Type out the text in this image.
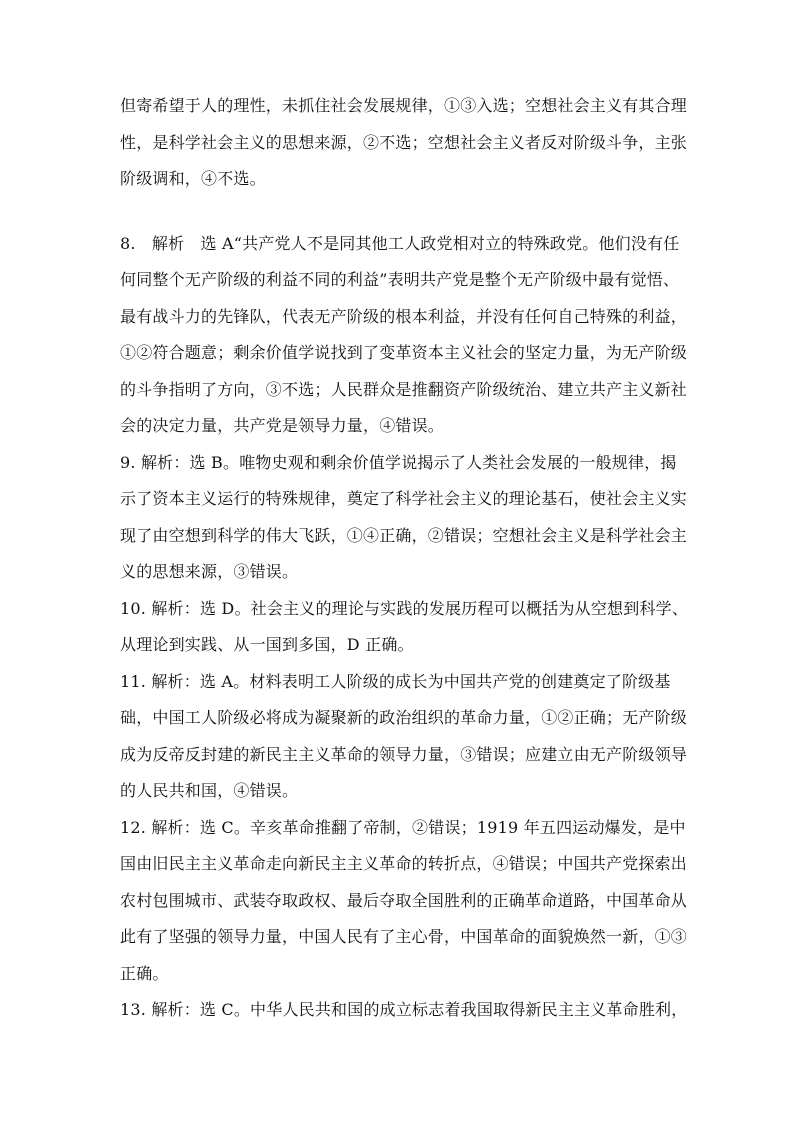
但寄希望于人的理性，未抓住社会发展规律，①③入选；空想社会主义有其合理性，是科学社会主义的思想来源，②不选；空想社会主义者反对阶级斗争，主张阶级调和，④不选。

8.　解析　选 A“共产党人不是同其他工人政党相对立的特殊政党。他们没有任何同整个无产阶级的利益不同的利益”表明共产党是整个无产阶级中最有觉悟、最有战斗力的先锋队，代表无产阶级的根本利益，并没有任何自己特殊的利益，①②符合题意；剩余价值学说找到了变革资本主义社会的坚定力量，为无产阶级的斗争指明了方向，③不选；人民群众是推翻资产阶级统治、建立共产主义新社会的决定力量，共产党是领导力量，④错误。

9. 解析：选 B。唯物史观和剩余价值学说揭示了人类社会发展的一般规律，揭示了资本主义运行的特殊规律，奠定了科学社会主义的理论基石，使社会主义实现了由空想到科学的伟大飞跃，①④正确，②错误；空想社会主义是科学社会主义的思想来源，③错误。

10. 解析：选 D。社会主义的理论与实践的发展历程可以概括为从空想到科学、从理论到实践、从一国到多国，D 正确。

11. 解析：选 A。材料表明工人阶级的成长为中国共产党的创建奠定了阶级基础，中国工人阶级必将成为凝聚新的政治组织的革命力量，①②正确；无产阶级成为反帝反封建的新民主主义革命的领导力量，③错误；应建立由无产阶级领导的人民共和国，④错误。

12. 解析：选 C。辛亥革命推翻了帝制，②错误；1919 年五四运动爆发，是中国由旧民主主义革命走向新民主主义革命的转折点，④错误；中国共产党探索出农村包围城市、武装夺取政权、最后夺取全国胜利的正确革命道路，中国革命从此有了坚强的领导力量，中国人民有了主心骨，中国革命的面貌焕然一新，①③正确。

13. 解析：选 C。中华人民共和国的成立标志着我国取得新民主主义革命胜利，
